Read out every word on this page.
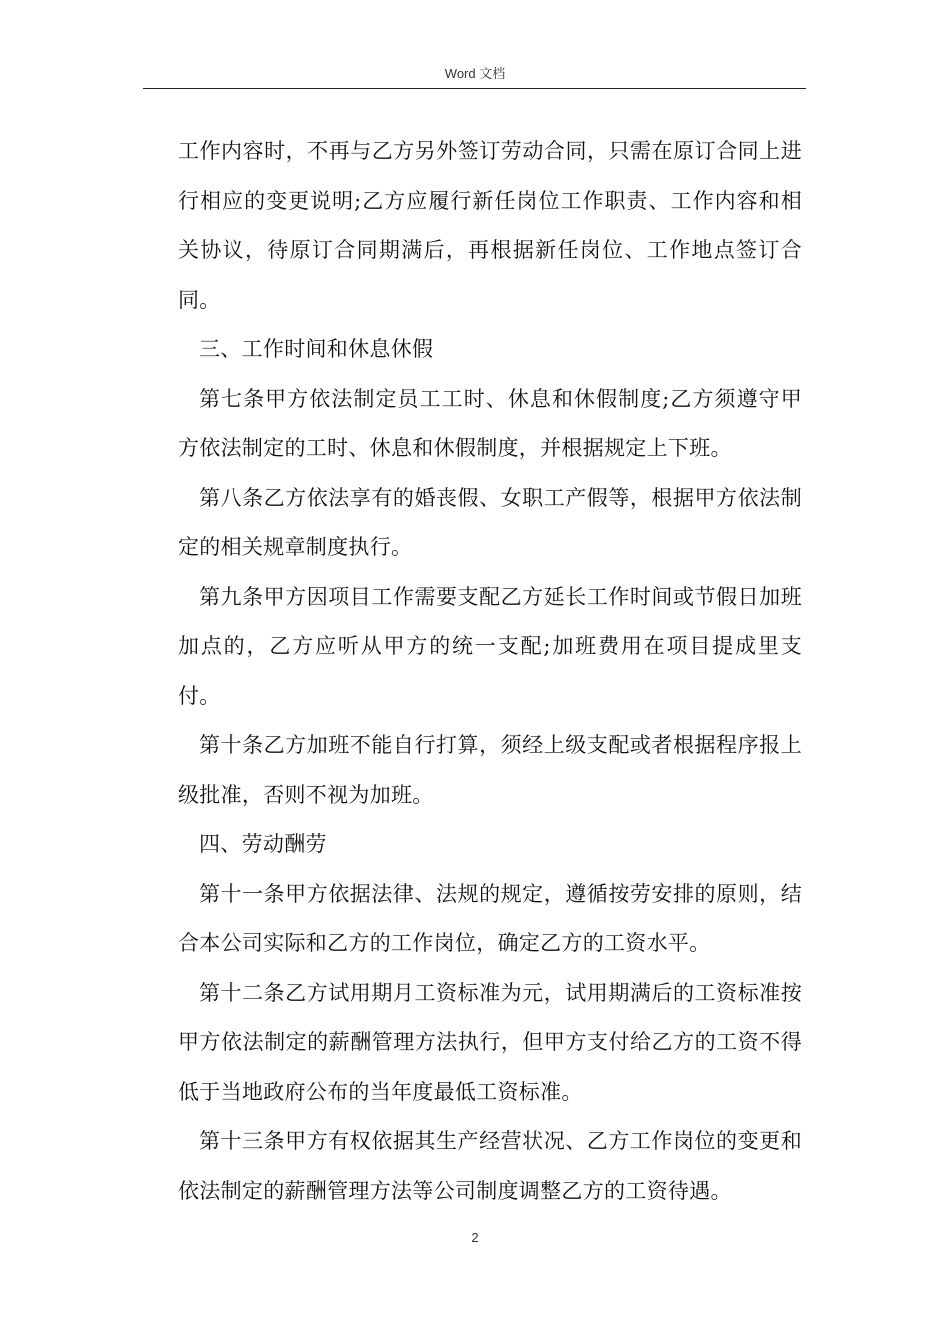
Word 文档

工作内容时，不再与乙方另外签订劳动合同，只需在原订合同上进行相应的变更说明;乙方应履行新任岗位工作职责、工作内容和相关协议，待原订合同期满后，再根据新任岗位、工作地点签订合同。

三、工作时间和休息休假

第七条甲方依法制定员工工时、休息和休假制度;乙方须遵守甲方依法制定的工时、休息和休假制度，并根据规定上下班。

第八条乙方依法享有的婚丧假、女职工产假等，根据甲方依法制定的相关规章制度执行。

第九条甲方因项目工作需要支配乙方延长工作时间或节假日加班加点的，乙方应听从甲方的统一支配;加班费用在项目提成里支付。

第十条乙方加班不能自行打算，须经上级支配或者根据程序报上级批准，否则不视为加班。

四、劳动酬劳

第十一条甲方依据法律、法规的规定，遵循按劳安排的原则，结合本公司实际和乙方的工作岗位，确定乙方的工资水平。

第十二条乙方试用期月工资标准为元，试用期满后的工资标准按甲方依法制定的薪酬管理方法执行，但甲方支付给乙方的工资不得低于当地政府公布的当年度最低工资标准。

第十三条甲方有权依据其生产经营状况、乙方工作岗位的变更和依法制定的薪酬管理方法等公司制度调整乙方的工资待遇。

2
